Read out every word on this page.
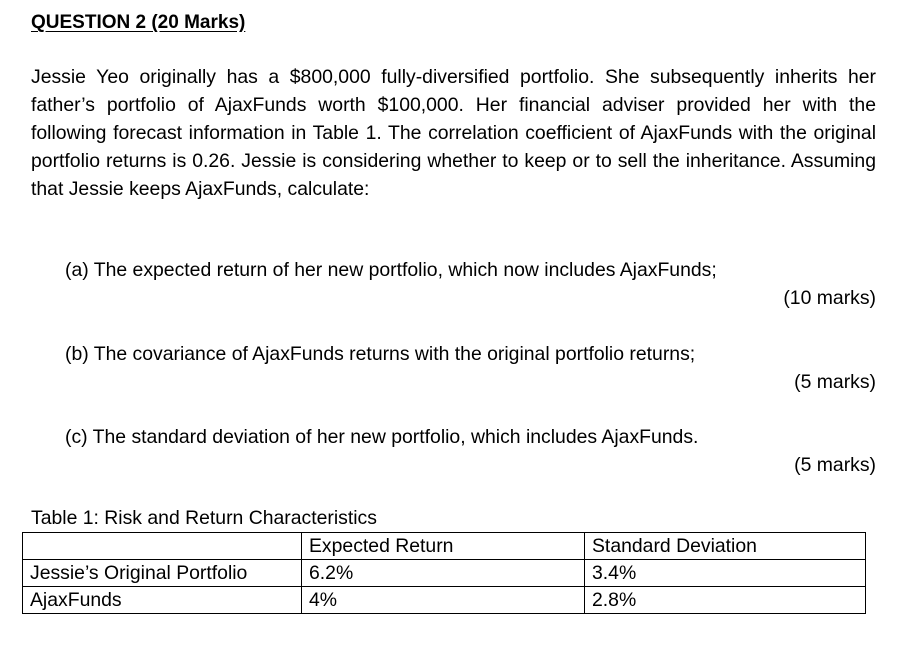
QUESTION 2 (20 Marks)

Jessie Yeo originally has a $800,000 fully-diversified portfolio. She subsequently inherits her father’s portfolio of AjaxFunds worth $100,000. Her financial adviser provided her with the following forecast information in Table 1. The correlation coefficient of AjaxFunds with the original portfolio returns is 0.26. Jessie is considering whether to keep or to sell the inheritance. Assuming that Jessie keeps AjaxFunds, calculate:

(a) The expected return of her new portfolio, which now includes AjaxFunds;
(10 marks)
(b) The covariance of AjaxFunds returns with the original portfolio returns;
(5 marks)
(c) The standard deviation of her new portfolio, which includes AjaxFunds.
(5 marks)

Table 1: Risk and Return Characteristics

	Expected Return	Standard Deviation
Jessie’s Original Portfolio	6.2%	3.4%
AjaxFunds	4%	2.8%
